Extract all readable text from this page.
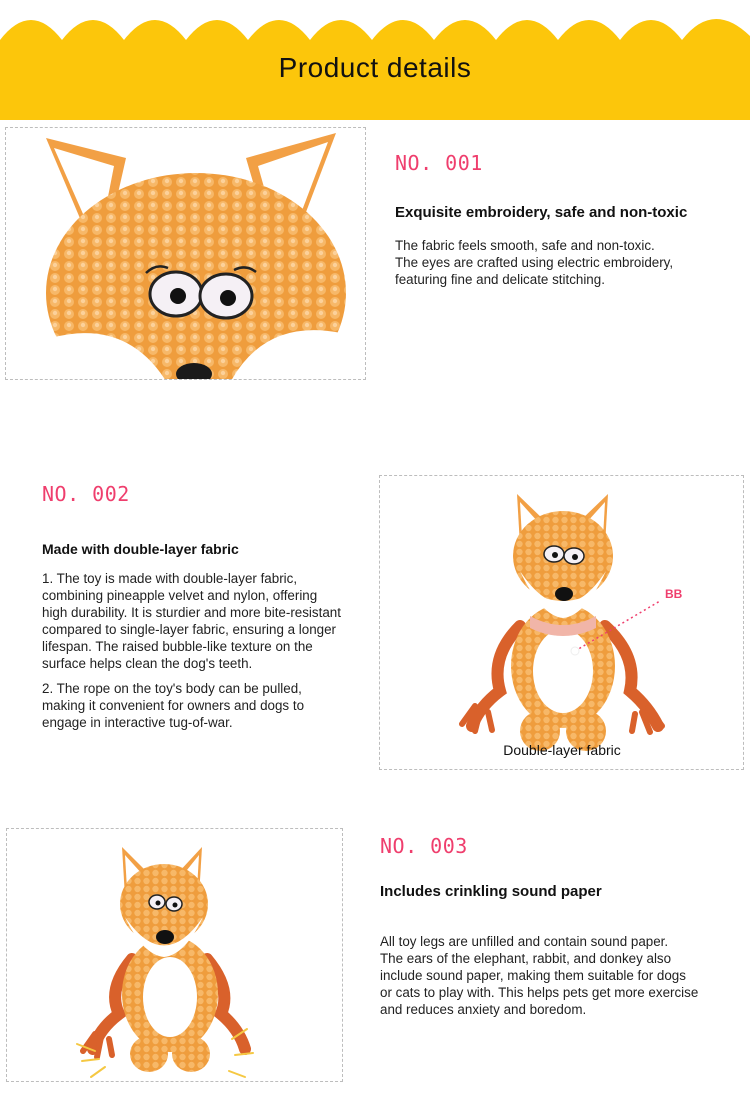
Product details
NO. 001
Exquisite embroidery, safe and non-toxic
The fabric feels smooth, safe and non-toxic.
The eyes are crafted using electric embroidery,
featuring fine and delicate stitching.
NO. 002
Made with double-layer fabric

1. The toy is made with double-layer fabric,
combining pineapple velvet and nylon, offering
high durability. It is sturdier and more bite-resistant
compared to single-layer fabric, ensuring a longer
lifespan. The raised bubble-like texture on the
surface helps clean the dog's teeth.

2. The rope on the toy's body can be pulled,
making it convenient for owners and dogs to
engage in interactive tug-of-war.

BB
Double-layer fabric
NO. 003
Includes crinkling sound paper
All toy legs are unfilled and contain sound paper.
The ears of the elephant, rabbit, and donkey also
include sound paper, making them suitable for dogs
or cats to play with. This helps pets get more exercise
and reduces anxiety and boredom.
